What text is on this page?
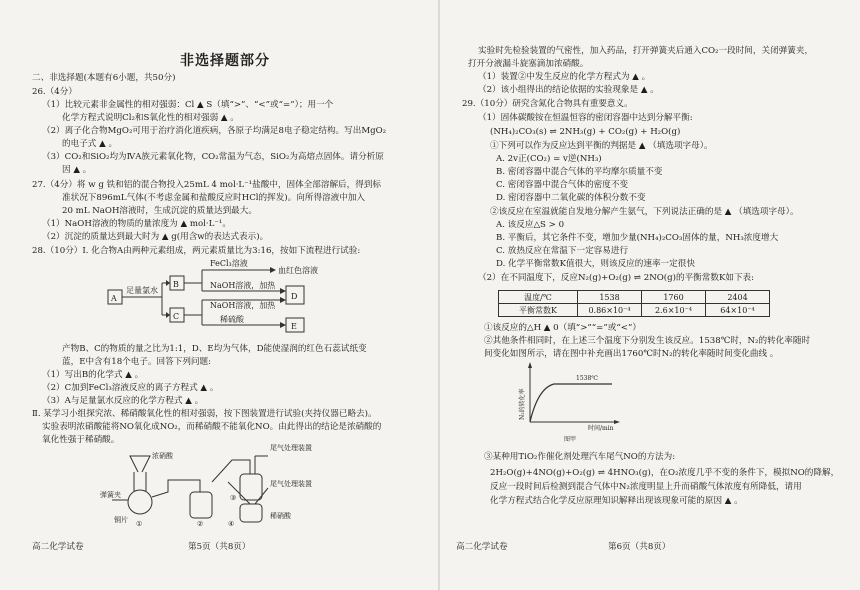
非选择题部分
二、非选择题(本题有6小题，共50分)
26.（4分）
（1）比较元素非金属性的相对强弱：Cl ▲ S（填“>”、“<”或“=”）；用一个
化学方程式说明Cl₂和S氧化性的相对强弱 ▲ 。
（2）离子化合物MgO₂可用于治疗消化道疾病，各原子均满足8电子稳定结构。写出MgO₂
的电子式 ▲ 。
（3）CO₂和SiO₂均为ⅣA族元素氧化物，CO₂常温为气态，SiO₂为高熔点固体。请分析原
因 ▲ 。
27.（4分）将 w g 铁和铝的混合物投入25mL 4 mol·L⁻¹盐酸中，固体全部溶解后，得到标
准状况下896mL气体(不考虑金属和盐酸反应时HCl的挥发)。向所得溶液中加入
20 mL NaOH溶液时，生成沉淀的质量达到最大。
（1）NaOH溶液的物质的量浓度为 ▲ mol·L⁻¹。
（2）沉淀的质量达到最大时为 ▲ g(用含w的表达式表示)。
28.（10分）Ⅰ. 化合物A由两种元素组成，两元素质量比为3:16，按如下流程进行试验:
A
B
C
D
E
足量氯水
FeCl₃溶液
血红色溶液
NaOH溶液，加热
NaOH溶液，加热
稀硫酸
产物B、C的物质的量之比为1:1，D、E均为气体，D能使湿润的红色石蕊试纸变
蓝，E中含有18个电子。回答下列问题:
（1）写出B的化学式 ▲ 。
（2）C加到FeCl₃溶液反应的离子方程式 ▲ 。
（3）A与足量氯水反应的化学方程式 ▲ 。
Ⅱ. 某学习小组探究浓、稀硝酸氧化性的相对强弱，按下图装置进行试验(夹持仪器已略去)。
实验表明浓硝酸能将NO氧化成NO₂，而稀硝酸不能氧化NO。由此得出的结论是浓硝酸的
氧化性强于稀硝酸。
弹簧夹
浓硝酸
铜片
尾气处理装置
尾气处理装置
稀硝酸
①	②
③
④
高二化学试卷	第5页（共8页）
实验时先检验装置的气密性，加入药品，打开弹簧夹后通入CO₂一段时间，关闭弹簧夹，
打开分液漏斗旋塞滴加浓硝酸。
（1）装置②中发生反应的化学方程式为 ▲ 。
（2）该小组得出的结论依据的实验现象是 ▲ 。
29.（10分）研究含氮化合物具有重要意义。
（1）固体碳酸铵在恒温恒容的密闭容器中达到分解平衡:
(NH₄)₂CO₃(s) ⇌ 2NH₃(g) + CO₂(g) + H₂O(g)
①下列可以作为反应达到平衡的判据是 ▲ （填选项字母）。
A. 2v正(CO₂) = v逆(NH₃)
B. 密闭容器中混合气体的平均摩尔质量不变
C. 密闭容器中混合气体的密度不变
D. 密闭容器中二氧化碳的体积分数不变
②该反应在室温就能自发地分解产生氨气，下列说法正确的是 ▲ （填选项字母）。
A. 该反应△S > 0
B. 平衡后，其它条件不变，增加少量(NH₄)₂CO₃固体的量，NH₃浓度增大
C. 放热反应在常温下一定容易进行
D. 化学平衡常数K值很大，则该反应的速率一定很快
（2）在不同温度下，反应N₂(g)+O₂(g) ⇌ 2NO(g)的平衡常数K如下表:
温度/℃	1538	1760	2404
平衡常数K	0.86×10⁻⁴	2.6×10⁻⁴	64×10⁻⁴
①该反应的△H ▲ 0（填“>”“=”或“<”）
②其他条件相同时，在上述三个温度下分别发生该反应。1538℃时，N₂的转化率随时
间变化如图所示，请在图中补充画出1760℃时N₂的转化率随时间变化曲线 。
N₂的转化率
时间/min
1538℃
图甲
③某种用TiO₂作催化剂处理汽车尾气NO的方法为:
2H₂O(g)+4NO(g)+O₂(g) ⇌ 4HNO₃(g)，在O₂浓度几乎不变的条件下，模拟NO的降解，
反应一段时间后检测到混合气体中N₂浓度明显上升而硝酸气体浓度有所降低，请用
化学方程式结合化学反应原理知识解释出现该现象可能的原因 ▲ 。
高二化学试卷	第6页（共8页）
